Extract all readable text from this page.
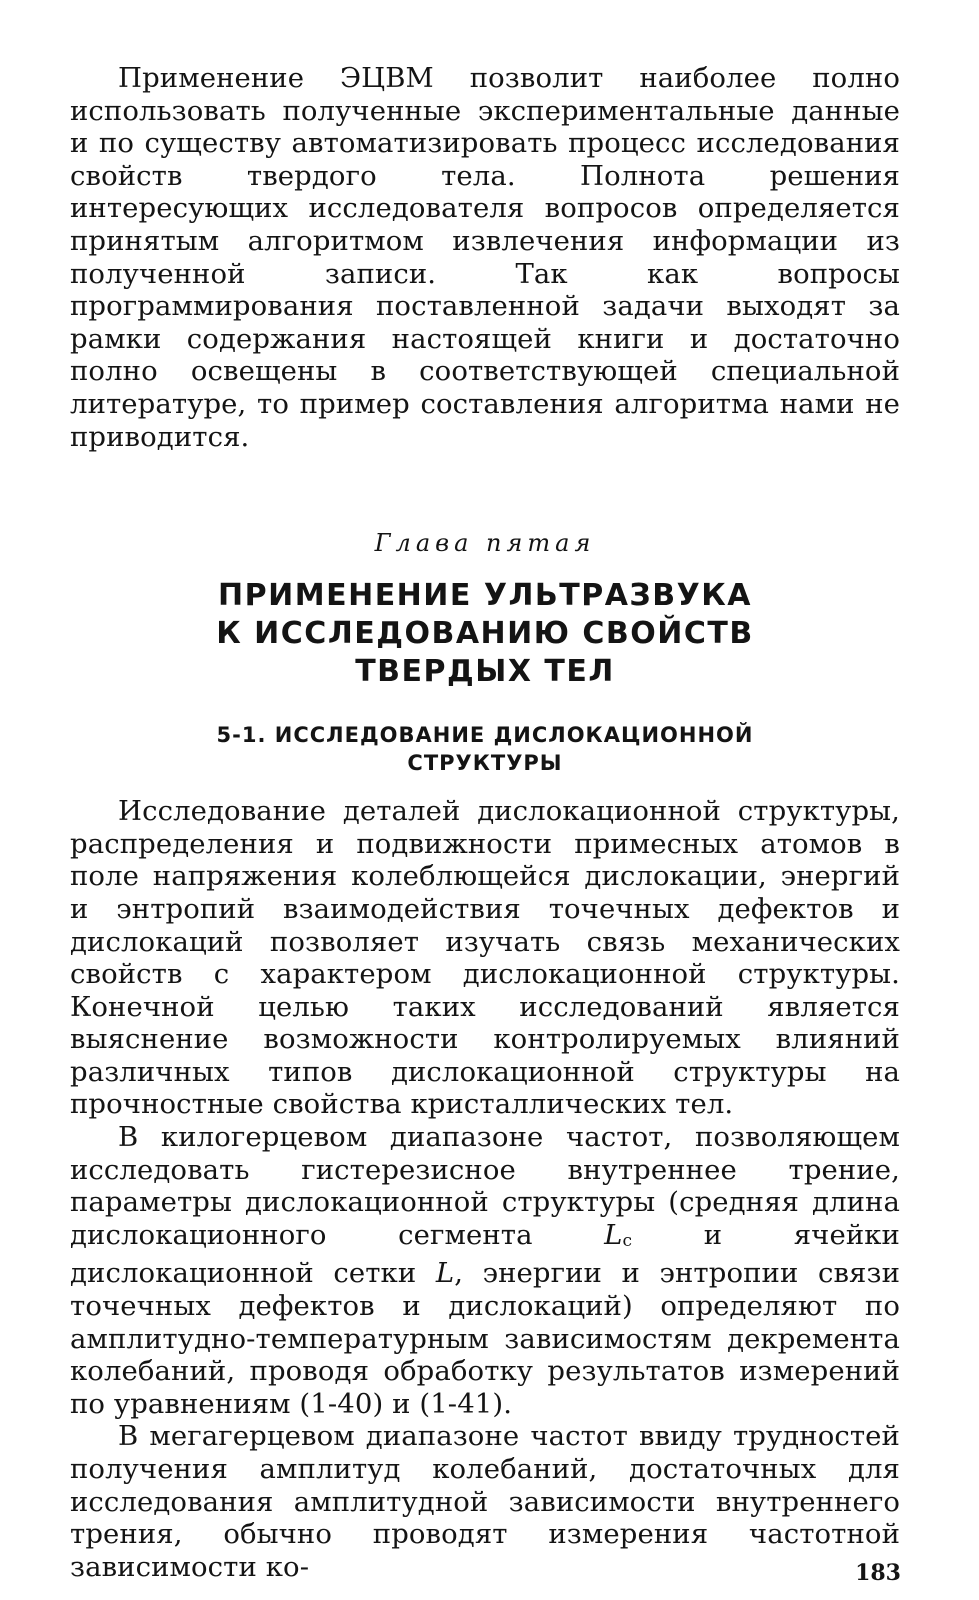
Применение ЭЦВМ позволит наиболее полно использовать полученные экспериментальные данные и по существу автоматизировать процесс исследования свойств твердого тела. Полнота решения интересующих исследователя вопросов определяется принятым алгоритмом извлечения информации из полученной записи. Так как вопросы программирования поставленной задачи выходят за рамки содержания настоящей книги и достаточно полно освещены в соответствующей специальной литературе, то пример составления алгоритма нами не приводится.

Глава пятая

ПРИМЕНЕНИЕ УЛЬТРАЗВУКА
К ИССЛЕДОВАНИЮ СВОЙСТВ
ТВЕРДЫХ ТЕЛ
5-1. ИССЛЕДОВАНИЕ ДИСЛОКАЦИОННОЙ
СТРУКТУРЫ

Исследование деталей дислокационной структуры, распределения и подвижности примесных атомов в поле напряжения колеблющейся дислокации, энергий и энтропий взаимодействия точечных дефектов и дислокаций позволяет изучать связь механических свойств с характером дислокационной структуры. Конечной целью таких исследований является выяснение возможности контролируемых влияний различных типов дислокационной структуры на прочностные свойства кристаллических тел.

В килогерцевом диапазоне частот, позволяющем исследовать гистерезисное внутреннее трение, параметры дислокационной структуры (средняя длина дислокационного сегмента $L_c$ и ячейки дислокационной сетки L, энергии и энтропии связи точечных дефектов и дислокаций) определяют по амплитудно-температурным зависимостям декремента колебаний, проводя обработку результатов измерений по уравнениям (1-40) и (1-41).

В мегагерцевом диапазоне частот ввиду трудностей получения амплитуд колебаний, достаточных для исследования амплитудной зависимости внутреннего трения, обычно проводят измерения частотной зависимости ко-	183
